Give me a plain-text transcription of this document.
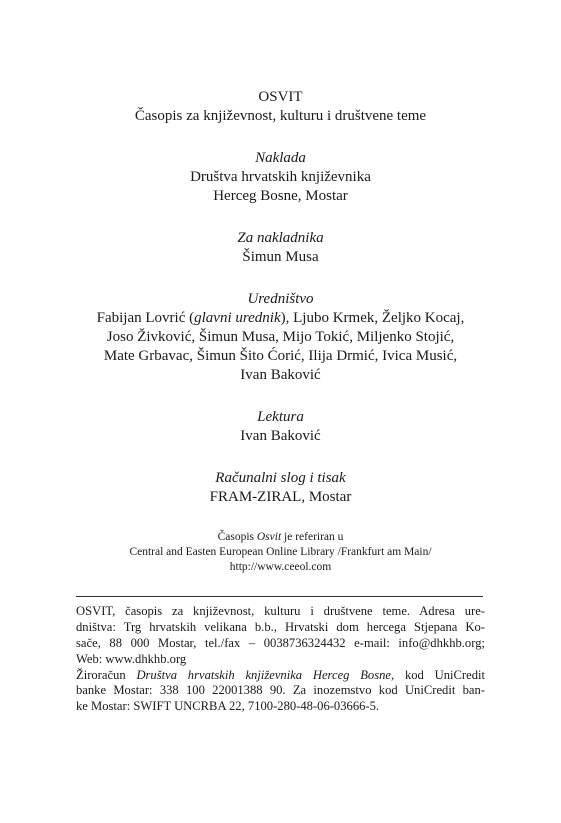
OSVIT
Časopis za književnost, kulturu i društvene teme
Naklada
Društva hrvatskih književnika
Herceg Bosne, Mostar
Za nakladnika
Šimun Musa
Uredništvo
Fabijan Lovrić (glavni urednik), Ljubo Krmek, Željko Kocaj,
Joso Živković, Šimun Musa, Mijo Tokić, Miljenko Stojić,
Mate Grbavac, Šimun Šito Ćorić, Ilija Drmić, Ivica Musić,
Ivan Baković
Lektura
Ivan Baković
Računalni slog i tisak
FRAM-ZIRAL, Mostar
Časopis Osvit je referiran u
Central and Easten European Online Library /Frankfurt am Main/
http://www.ceeol.com
OSVIT, časopis za književnost, kulturu i društvene teme. Adresa ure-
dništva: Trg hrvatskih velikana b.b., Hrvatski dom hercega Stjepana Ko-
sače, 88 000 Mostar, tel./fax – 0038736324432 e-mail: info@dhkhb.org;
Web: www.dhkhb.org
Žiroračun Društva hrvatskih književnika Herceg Bosne, kod UniCredit
banke Mostar: 338 100 22001388 90. Za inozemstvo kod UniCredit ban-
ke Mostar: SWIFT UNCRBA 22, 7100-280-48-06-03666-5.
